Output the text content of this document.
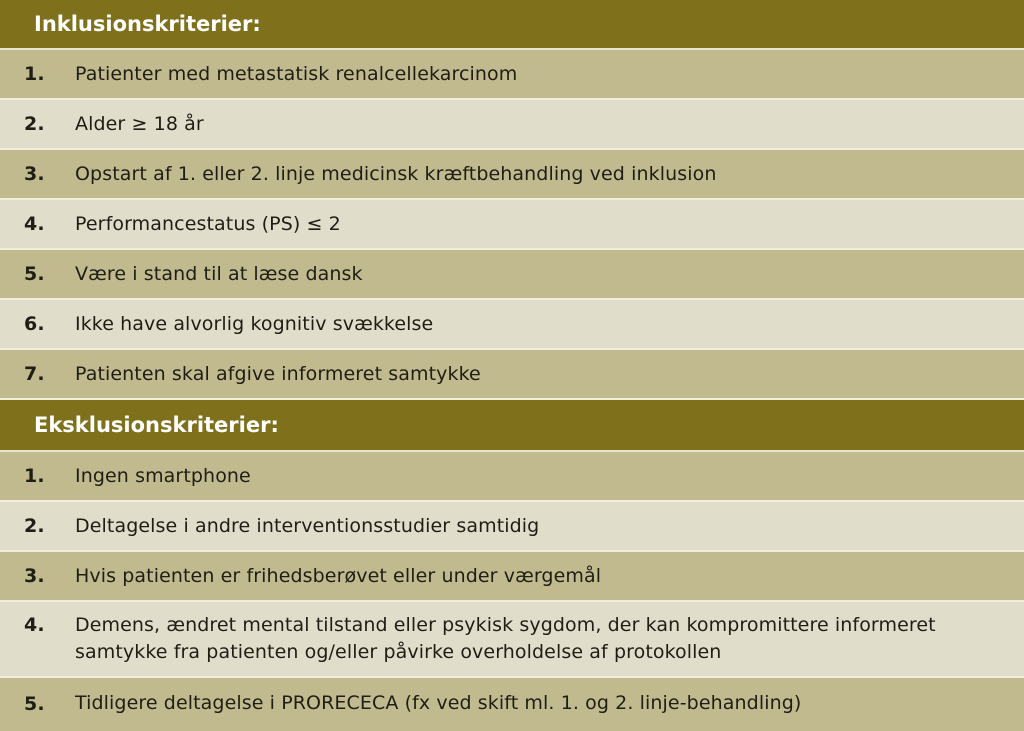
Inklusionskriterier:
1.	Patienter med metastatisk renalcellekarcinom
2.	Alder ≥ 18 år
3.	Opstart af 1. eller 2. linje medicinsk kræftbehandling ved inklusion
4.	Performancestatus (PS) ≤ 2
5.	Være i stand til at læse dansk
6.	Ikke have alvorlig kognitiv svækkelse
7.	Patienten skal afgive informeret samtykke
Eksklusionskriterier:
1.	Ingen smartphone
2.	Deltagelse i andre interventionsstudier samtidig
3.	Hvis patienten er frihedsberøvet eller under værgemål
4.	Demens, ændret mental tilstand eller psykisk sygdom, der kan kompromittere informeret samtykke fra patienten og/eller påvirke overholdelse af protokollen
5.	Tidligere deltagelse i PRORECECA (fx ved skift ml. 1. og 2. linje-behandling)
